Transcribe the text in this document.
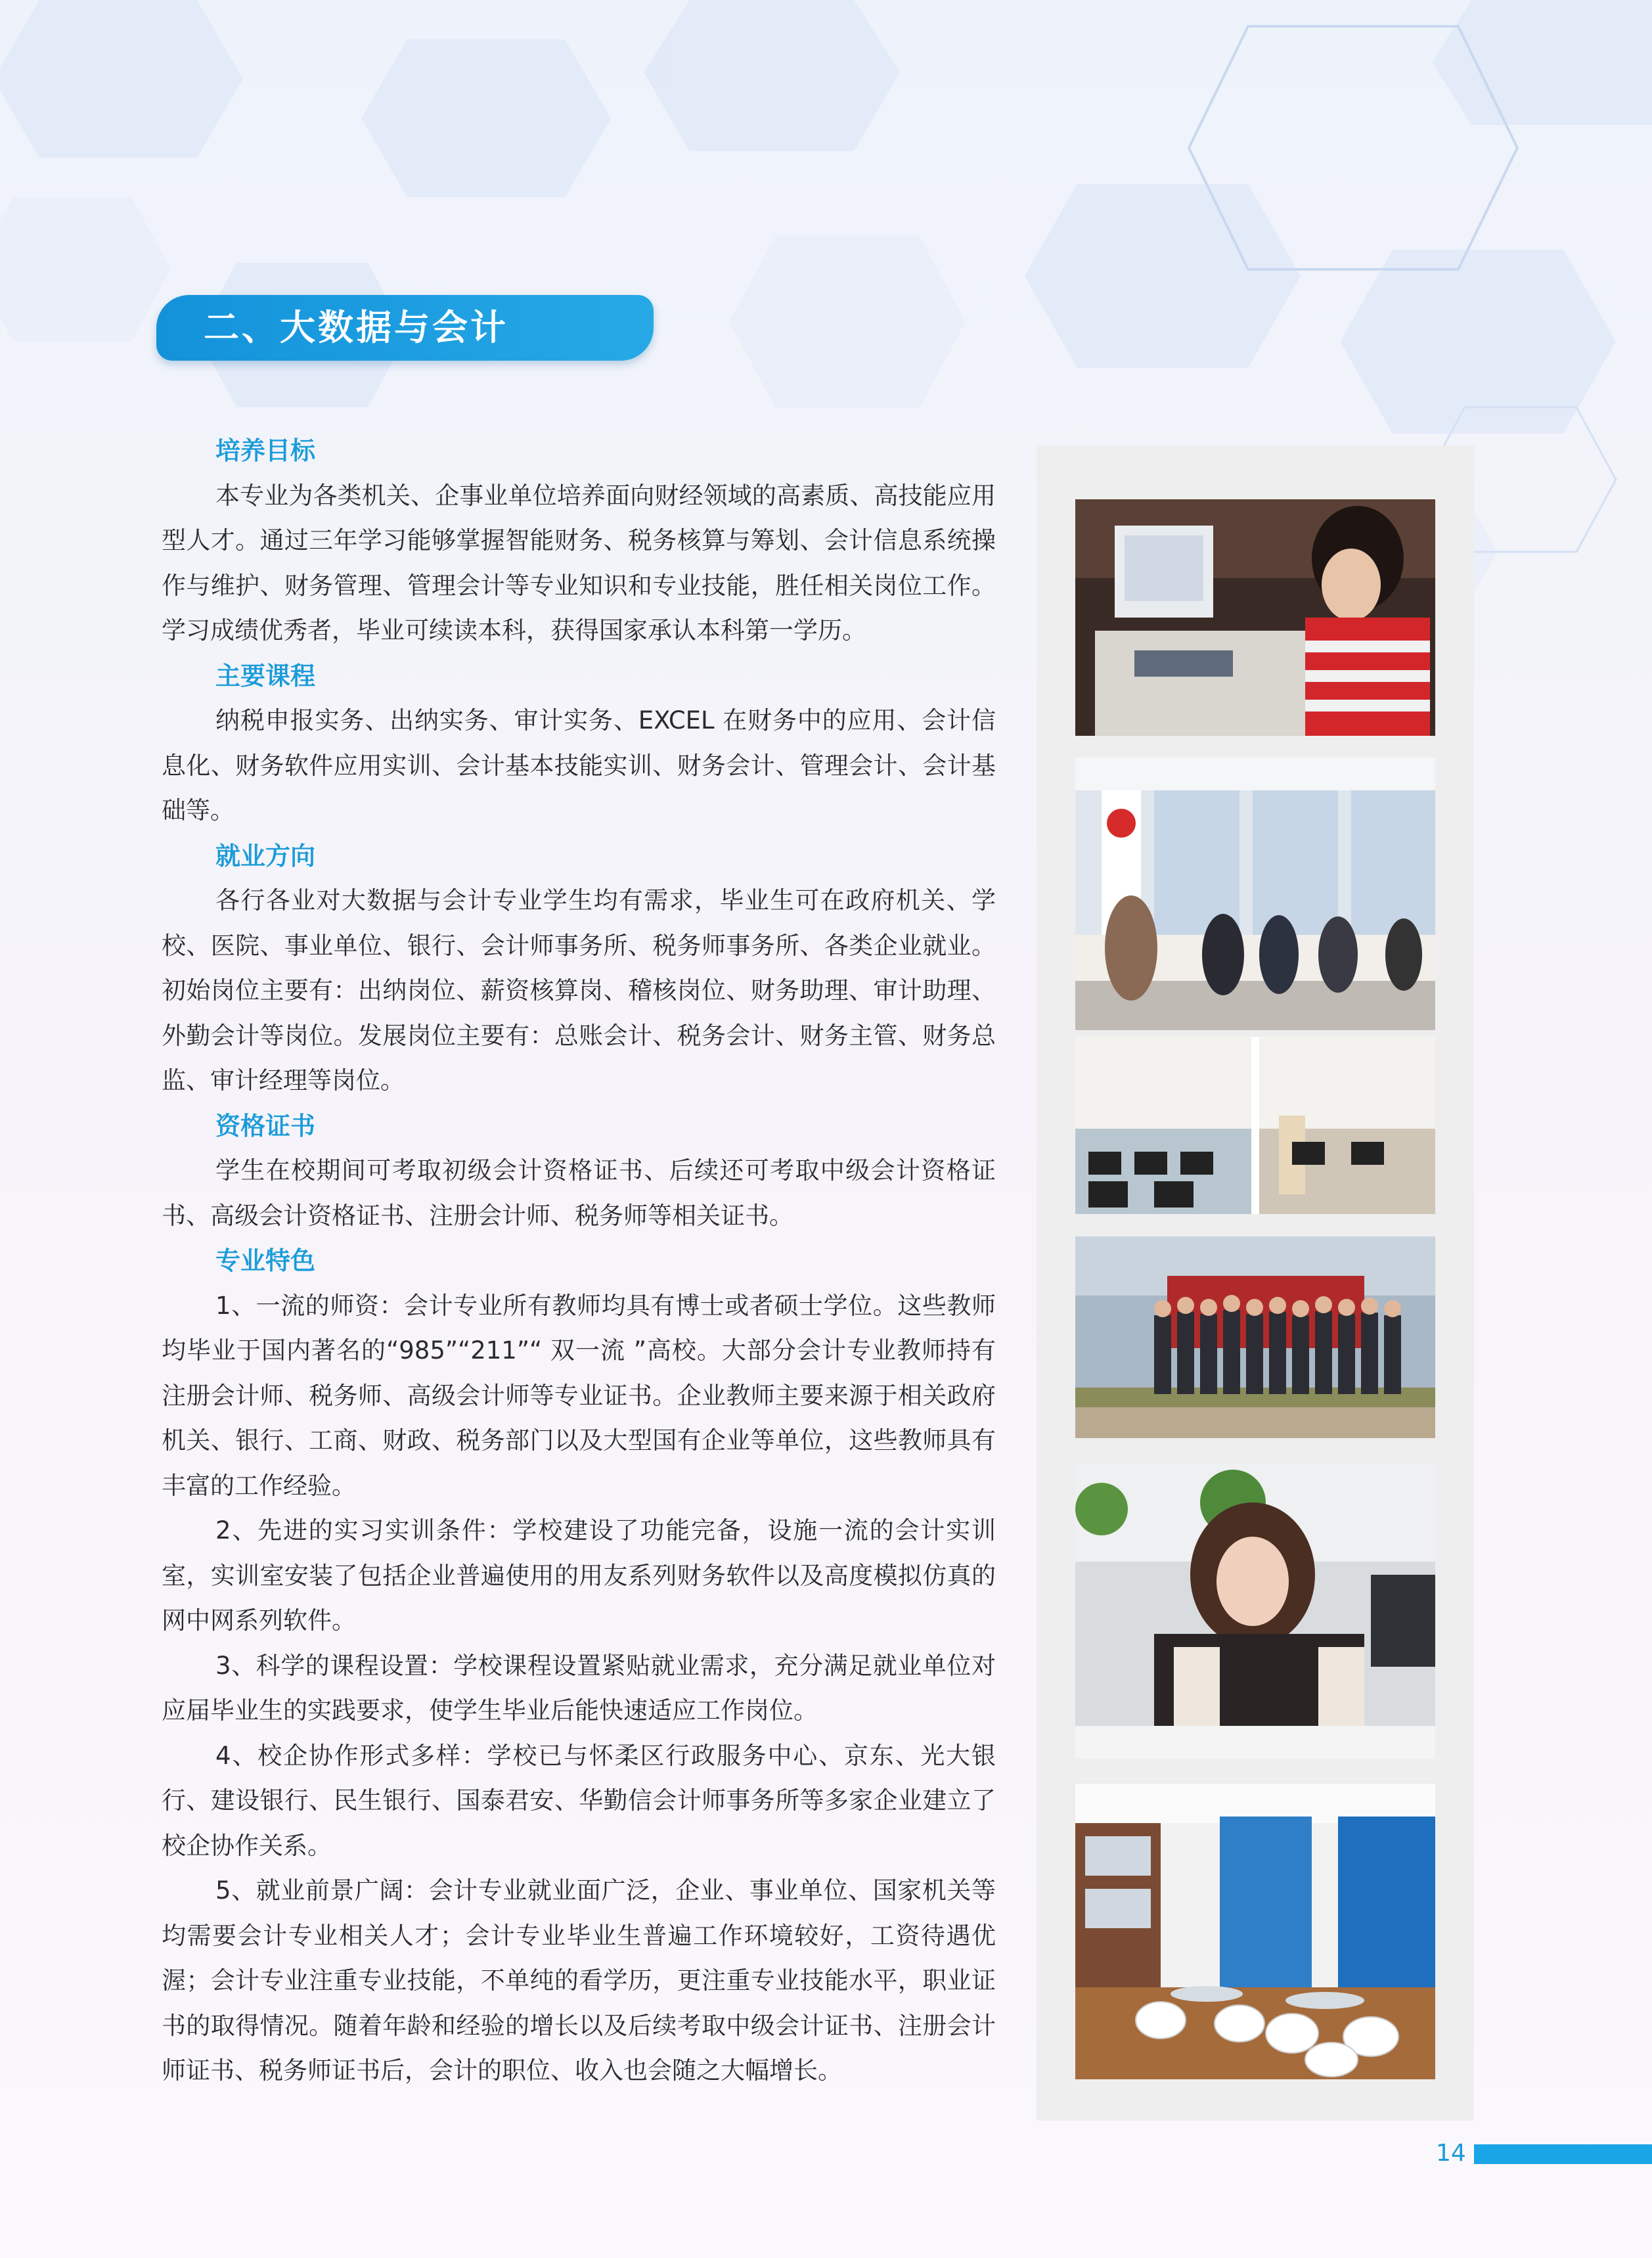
二、大数据与会计
培养目标

本专业为各类机关、企事业单位培养面向财经领域的高素质、高技能应用型人才。通过三年学习能够掌握智能财务、税务核算与筹划、会计信息系统操作与维护、财务管理、管理会计等专业知识和专业技能，胜任相关岗位工作。学习成绩优秀者，毕业可续读本科，获得国家承认本科第一学历。

主要课程

纳税申报实务、出纳实务、审计实务、EXCEL 在财务中的应用、会计信息化、财务软件应用实训、会计基本技能实训、财务会计、管理会计、会计基础等。

就业方向

各行各业对大数据与会计专业学生均有需求，毕业生可在政府机关、学校、医院、事业单位、银行、会计师事务所、税务师事务所、各类企业就业。初始岗位主要有：出纳岗位、薪资核算岗、稽核岗位、财务助理、审计助理、外勤会计等岗位。发展岗位主要有：总账会计、税务会计、财务主管、财务总监、审计经理等岗位。

资格证书

学生在校期间可考取初级会计资格证书、后续还可考取中级会计资格证书、高级会计资格证书、注册会计师、税务师等相关证书。

专业特色

1、一流的师资：会计专业所有教师均具有博士或者硕士学位。这些教师均毕业于国内著名的“985”“211”“ 双一流 ”高校。大部分会计专业教师持有注册会计师、税务师、高级会计师等专业证书。企业教师主要来源于相关政府机关、银行、工商、财政、税务部门以及大型国有企业等单位，这些教师具有丰富的工作经验。

2、先进的实习实训条件：学校建设了功能完备，设施一流的会计实训室，实训室安装了包括企业普遍使用的用友系列财务软件以及高度模拟仿真的网中网系列软件。

3、科学的课程设置：学校课程设置紧贴就业需求，充分满足就业单位对应届毕业生的实践要求，使学生毕业后能快速适应工作岗位。

4、校企协作形式多样：学校已与怀柔区行政服务中心、京东、光大银行、建设银行、民生银行、国泰君安、华勤信会计师事务所等多家企业建立了校企协作关系。

5、就业前景广阔：会计专业就业面广泛，企业、事业单位、国家机关等均需要会计专业相关人才；会计专业毕业生普遍工作环境较好，工资待遇优渥；会计专业注重专业技能，不单纯的看学历，更注重专业技能水平，职业证书的取得情况。随着年龄和经验的增长以及后续考取中级会计证书、注册会计师证书、税务师证书后，会计的职位、收入也会随之大幅增长。

14
